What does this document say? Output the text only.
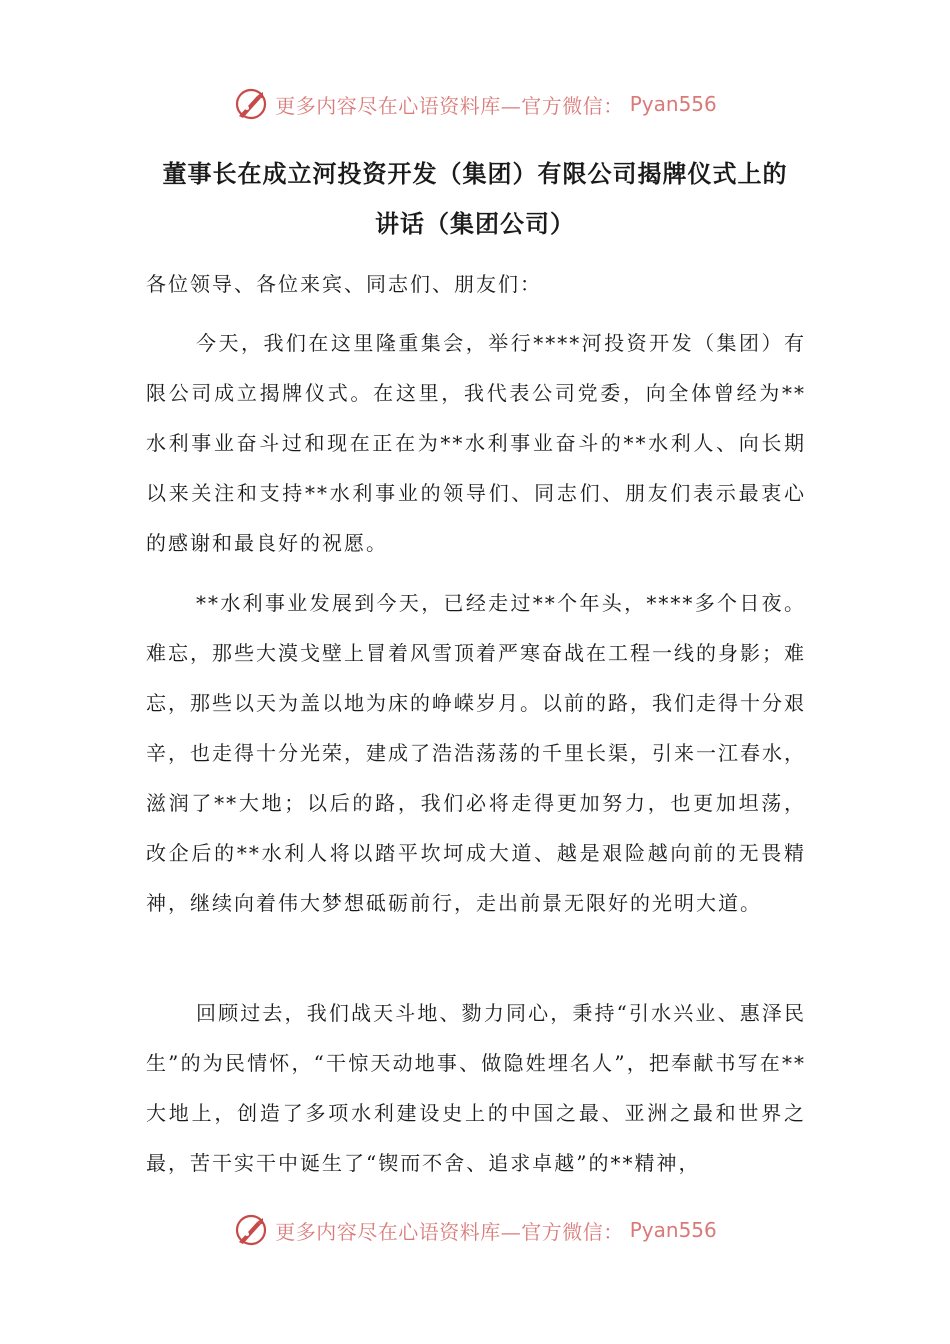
更多内容尽在心语资料库—官方微信： Pyan556
董事长在成立河投资开发（集团）有限公司揭牌仪式上的
讲话（集团公司）
各位领导、各位来宾、同志们、朋友们：

今天，我们在这里隆重集会，举行****河投资开发（集团）有限公司成立揭牌仪式。在这里，我代表公司党委，向全体曾经为**水利事业奋斗过和现在正在为**水利事业奋斗的**水利人、向长期以来关注和支持**水利事业的领导们、同志们、朋友们表示最衷心的感谢和最良好的祝愿。

**水利事业发展到今天，已经走过**个年头，****多个日夜。难忘，那些大漠戈壁上冒着风雪顶着严寒奋战在工程一线的身影；难忘，那些以天为盖以地为床的峥嵘岁月。以前的路，我们走得十分艰辛，也走得十分光荣，建成了浩浩荡荡的千里长渠，引来一江春水，滋润了**大地；以后的路，我们必将走得更加努力，也更加坦荡，改企后的**水利人将以踏平坎坷成大道、越是艰险越向前的无畏精神，继续向着伟大梦想砥砺前行，走出前景无限好的光明大道。

回顾过去，我们战天斗地、勠力同心，秉持“引水兴业、惠泽民生”的为民情怀，“干惊天动地事、做隐姓埋名人”，把奉献书写在**大地上，创造了多项水利建设史上的中国之最、亚洲之最和世界之最，苦干实干中诞生了“锲而不舍、追求卓越”的**精神，

更多内容尽在心语资料库—官方微信： Pyan556
